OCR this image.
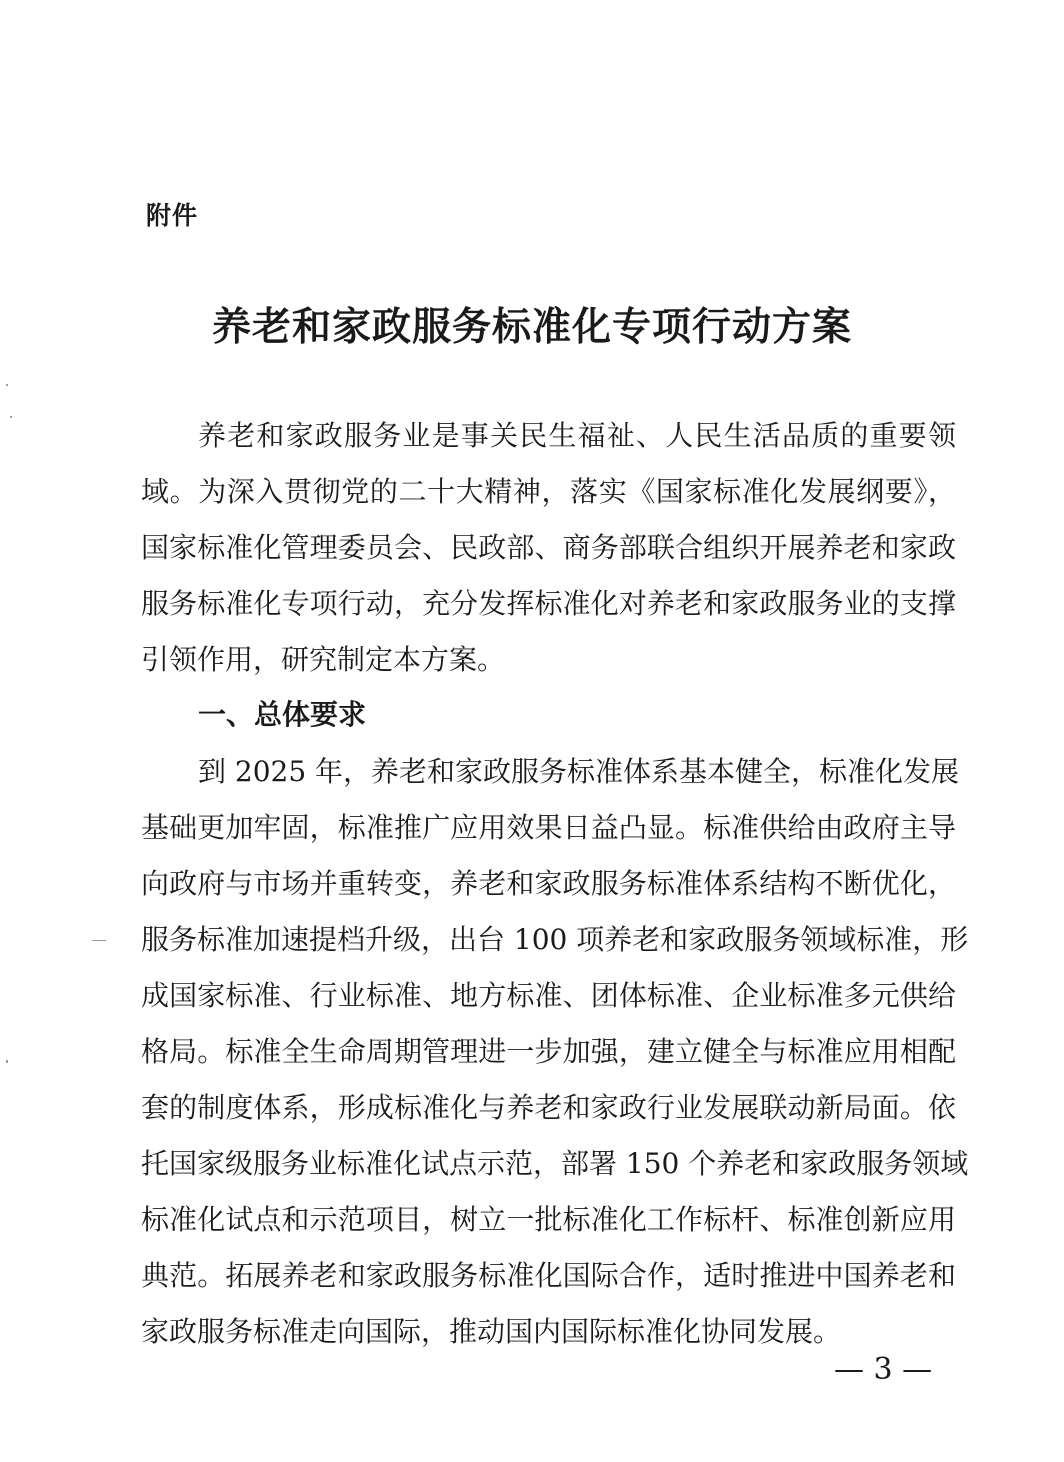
附件
养老和家政服务标准化专项行动方案
养老和家政服务业是事关民生福祉、人民生活品质的重要领
域。为深入贯彻党的二十大精神，落实《国家标准化发展纲要》，
国家标准化管理委员会、民政部、商务部联合组织开展养老和家政
服务标准化专项行动，充分发挥标准化对养老和家政服务业的支撑
引领作用，研究制定本方案。
一、总体要求
到 2025 年，养老和家政服务标准体系基本健全，标准化发展
基础更加牢固，标准推广应用效果日益凸显。标准供给由政府主导
向政府与市场并重转变，养老和家政服务标准体系结构不断优化，
服务标准加速提档升级，出台 100 项养老和家政服务领域标准，形
成国家标准、行业标准、地方标准、团体标准、企业标准多元供给
格局。标准全生命周期管理进一步加强，建立健全与标准应用相配
套的制度体系，形成标准化与养老和家政行业发展联动新局面。依
托国家级服务业标准化试点示范，部署 150 个养老和家政服务领域
标准化试点和示范项目，树立一批标准化工作标杆、标准创新应用
典范。拓展养老和家政服务标准化国际合作，适时推进中国养老和
家政服务标准走向国际，推动国内国际标准化协同发展。
— 3 —
